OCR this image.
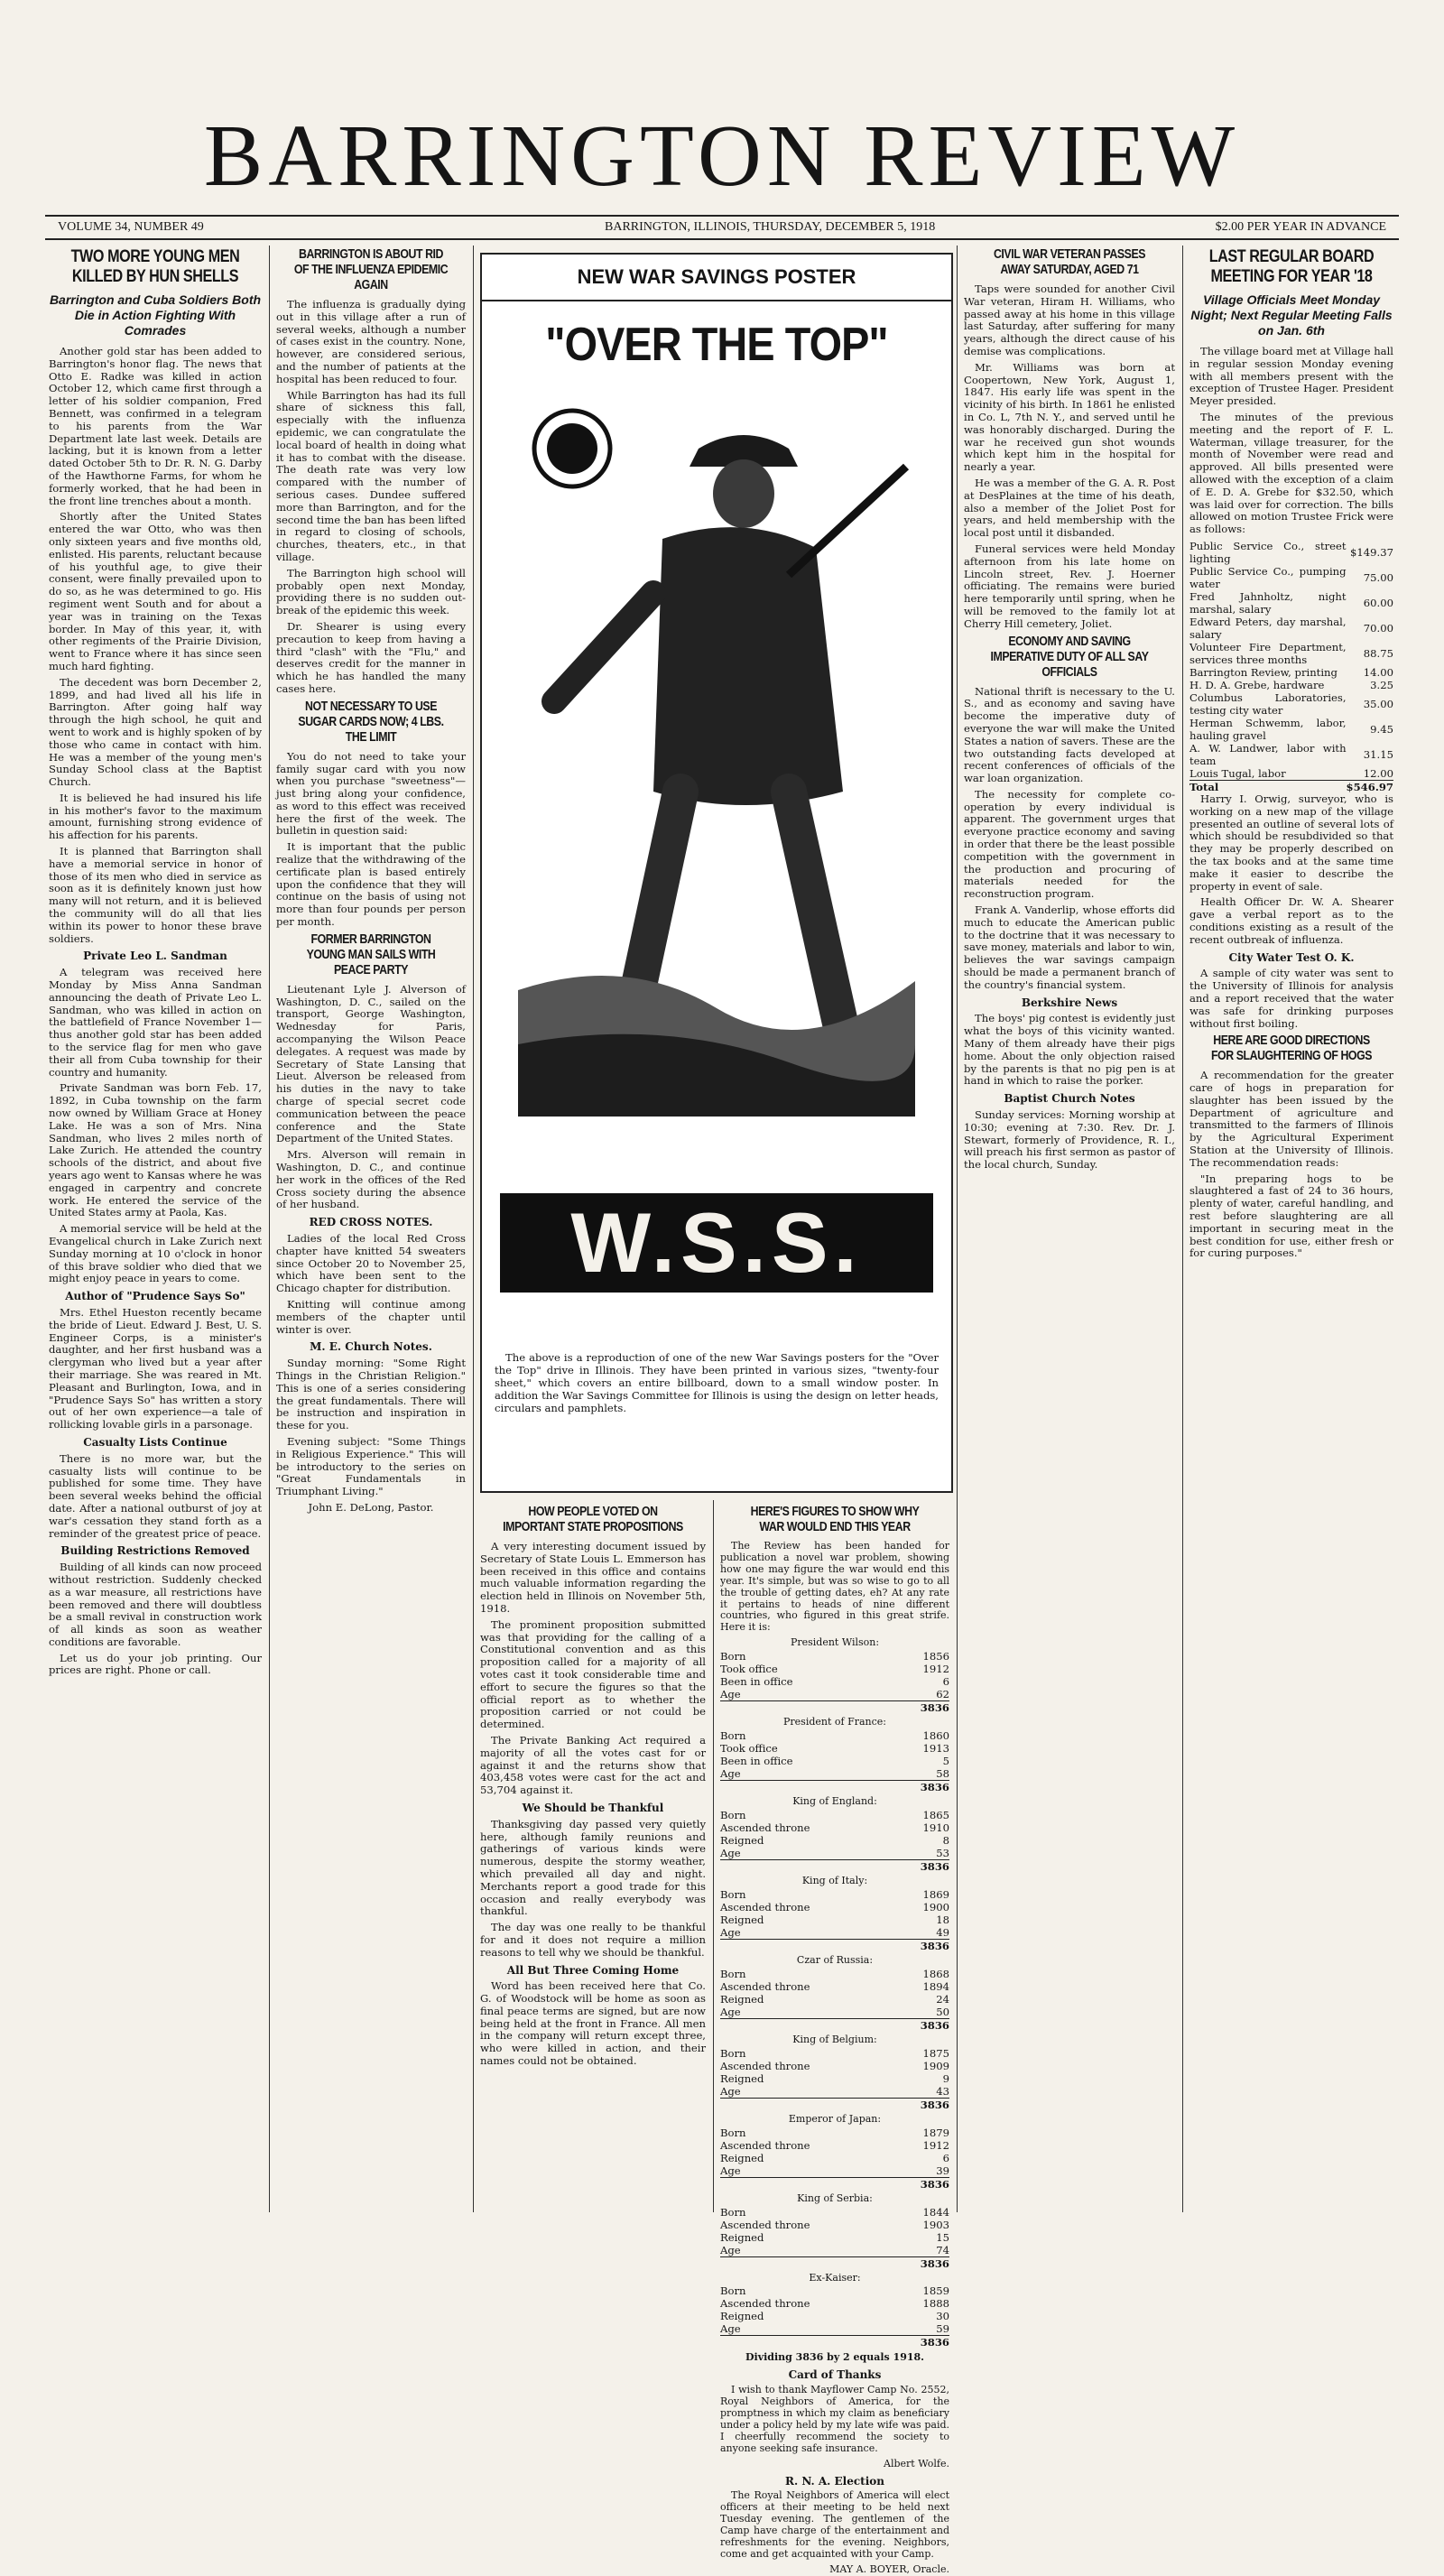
BARRINGTON REVIEW
VOLUME 34, NUMBER 49	BARRINGTON, ILLINOIS, THURSDAY, DECEMBER 5, 1918	$2.00 PER YEAR IN ADVANCE
TWO MORE YOUNG MEN KILLED BY HUN SHELLS
Barrington and Cuba Soldiers Both Die in Action Fighting With Comrades

Another gold star has been added to Barrington's honor flag. The news that Otto E. Radke was killed in action October 12, which came first through a letter of his soldier companion, Fred Bennett, was confirmed in a telegram to his parents from the War Department late last week. Details are lacking, but it is known from a letter dated October 5th to Dr. R. N. G. Darby of the Hawthorne Farms, for whom he formerly worked, that he had been in the front line trenches about a month.

Shortly after the United States entered the war Otto, who was then only sixteen years and five months old, enlisted. His parents, reluctant because of his youthful age, to give their consent, were finally prevailed upon to do so, as he was determined to go. His regiment went South and for about a year was in training on the Texas border. In May of this year, it, with other regiments of the Prairie Division, went to France where it has since seen much hard fighting.

The decedent was born December 2, 1899, and had lived all his life in Barrington. After going half way through the high school, he quit and went to work and is highly spoken of by those who came in contact with him. He was a member of the young men's Sunday School class at the Baptist Church.

It is believed he had insured his life in his mother's favor to the maximum amount, furnishing strong evidence of his affection for his parents.

It is planned that Barrington shall have a memorial service in honor of those of its men who died in service as soon as it is definitely known just how many will not return, and it is believed the community will do all that lies within its power to honor these brave soldiers.

Private Leo L. Sandman

A telegram was received here Monday by Miss Anna Sandman announcing the death of Private Leo L. Sandman, who was killed in action on the battlefield of France November 1—thus another gold star has been added to the service flag for men who gave their all from Cuba township for their country and humanity.

Private Sandman was born Feb. 17, 1892, in Cuba township on the farm now owned by William Grace at Honey Lake. He was a son of Mrs. Nina Sandman, who lives 2 miles north of Lake Zurich. He attended the country schools of the district, and about five years ago went to Kansas where he was engaged in carpentry and concrete work. He entered the service of the United States army at Paola, Kas.

A memorial service will be held at the Evangelical church in Lake Zurich next Sunday morning at 10 o'clock in honor of this brave soldier who died that we might enjoy peace in years to come.

Author of "Prudence Says So"

Mrs. Ethel Hueston recently became the bride of Lieut. Edward J. Best, U. S. Engineer Corps, is a minister's daughter, and her first husband was a clergyman who lived but a year after their marriage. She was reared in Mt. Pleasant and Burlington, Iowa, and in "Prudence Says So" has written a story out of her own experience—a tale of rollicking lovable girls in a parsonage.

Casualty Lists Continue

There is no more war, but the casualty lists will continue to be published for some time. They have been several weeks behind the official date. After a national outburst of joy at war's cessation they stand forth as a reminder of the greatest price of peace.

Building Restrictions Removed

Building of all kinds can now proceed without restriction. Suddenly checked as a war measure, all restrictions have been removed and there will doubtless be a small revival in construction work of all kinds as soon as weather conditions are favorable.

Let us do your job printing. Our prices are right. Phone or call.

BARRINGTON IS ABOUT RID OF THE INFLUENZA EPIDEMIC AGAIN

The influenza is gradually dying out in this village after a run of several weeks, although a number of cases exist in the country. None, however, are considered serious, and the number of patients at the hospital has been reduced to four.

While Barrington has had its full share of sickness this fall, especially with the influenza epidemic, we can congratulate the local board of health in doing what it has to combat with the disease. The death rate was very low compared with the number of serious cases. Dundee suffered more than Barrington, and for the second time the ban has been lifted in regard to closing of schools, churches, theaters, etc., in that village.

The Barrington high school will probably open next Monday, providing there is no sudden out-break of the epidemic this week.

Dr. Shearer is using every precaution to keep from having a third "clash" with the "Flu," and deserves credit for the manner in which he has handled the many cases here.

NOT NECESSARY TO USE SUGAR CARDS NOW; 4 LBS. THE LIMIT

You do not need to take your family sugar card with you now when you purchase "sweetness"—just bring along your confidence, as word to this effect was received here the first of the week. The bulletin in question said:

It is important that the public realize that the withdrawing of the certificate plan is based entirely upon the confidence that they will continue on the basis of using not more than four pounds per person per month.

FORMER BARRINGTON YOUNG MAN SAILS WITH PEACE PARTY

Lieutenant Lyle J. Alverson of Washington, D. C., sailed on the transport, George Washington, Wednesday for Paris, accompanying the Wilson Peace delegates. A request was made by Secretary of State Lansing that Lieut. Alverson be released from his duties in the navy to take charge of special secret code communication between the peace conference and the State Department of the United States.

Mrs. Alverson will remain in Washington, D. C., and continue her work in the offices of the Red Cross society during the absence of her husband.

RED CROSS NOTES.

Ladies of the local Red Cross chapter have knitted 54 sweaters since October 20 to November 25, which have been sent to the Chicago chapter for distribution.

Knitting will continue among members of the chapter until winter is over.

M. E. Church Notes.

Sunday morning: "Some Right Things in the Christian Religion." This is one of a series considering the great fundamentals. There will be instruction and inspiration in these for you.

Evening subject: "Some Things in Religious Experience." This will be introductory to the series on "Great Fundamentals in Triumphant Living."

John E. DeLong, Pastor.
NEW WAR SAVINGS POSTER
"OVER THE TOP"
W.S.S.
The above is a reproduction of one of the new War Savings posters for the "Over the Top" drive in Illinois. They have been printed in various sizes, "twenty-four sheet," which covers an entire billboard, down to a small window poster. In addition the War Savings Committee for Illinois is using the design on letter heads, circulars and pamphlets.
HOW PEOPLE VOTED ON IMPORTANT STATE PROPOSITIONS

A very interesting document issued by Secretary of State Louis L. Emmerson has been received in this office and contains much valuable information regarding the election held in Illinois on November 5th, 1918.

The prominent proposition submitted was that providing for the calling of a Constitutional convention and as this proposition called for a majority of all votes cast it took considerable time and effort to secure the figures so that the official report as to whether the proposition carried or not could be determined.

The Private Banking Act required a majority of all the votes cast for or against it and the returns show that 403,458 votes were cast for the act and 53,704 against it.

We Should be Thankful

Thanksgiving day passed very quietly here, although family reunions and gatherings of various kinds were numerous, despite the stormy weather, which prevailed all day and night. Merchants report a good trade for this occasion and really everybody was thankful.

The day was one really to be thankful for and it does not require a million reasons to tell why we should be thankful.

All But Three Coming Home

Word has been received here that Co. G. of Woodstock will be home as soon as final peace terms are signed, but are now being held at the front in France. All men in the company will return except three, who were killed in action, and their names could not be obtained.

HERE'S FIGURES TO SHOW WHY WAR WOULD END THIS YEAR

The Review has been handed for publication a novel war problem, showing how one may figure the war would end this year. It's simple, but was so wise to go to all the trouble of getting dates, eh? At any rate it pertains to heads of nine different countries, who figured in this great strife. Here it is:

President Wilson:
Born	1856
Took office	1912
Been in office	6
Age	62
	3836
President of France:
Born	1860
Took office	1913
Been in office	5
Age	58
	3836
King of England:
Born	1865
Ascended throne	1910
Reigned	8
Age	53
	3836
King of Italy:
Born	1869
Ascended throne	1900
Reigned	18
Age	49
	3836
Czar of Russia:
Born	1868
Ascended throne	1894
Reigned	24
Age	50
	3836
King of Belgium:
Born	1875
Ascended throne	1909
Reigned	9
Age	43
	3836
Emperor of Japan:
Born	1879
Ascended throne	1912
Reigned	6
Age	39
	3836
King of Serbia:
Born	1844
Ascended throne	1903
Reigned	15
Age	74
	3836
Ex-Kaiser:
Born	1859
Ascended throne	1888
Reigned	30
Age	59
	3836
Dividing 3836 by 2 equals 1918.
Card of Thanks

I wish to thank Mayflower Camp No. 2552, Royal Neighbors of America, for the promptness in which my claim as beneficiary under a policy held by my late wife was paid. I cheerfully recommend the society to anyone seeking safe insurance.

Albert Wolfe.
R. N. A. Election

The Royal Neighbors of America will elect officers at their meeting to be held next Tuesday evening. The gentlemen of the Camp have charge of the entertainment and refreshments for the evening. Neighbors, come and get acquainted with your Camp.

MAY A. BOYER, Oracle.
CIVIL WAR VETERAN PASSES AWAY SATURDAY, AGED 71

Taps were sounded for another Civil War veteran, Hiram H. Williams, who passed away at his home in this village last Saturday, after suffering for many years, although the direct cause of his demise was complications.

Mr. Williams was born at Coopertown, New York, August 1, 1847. His early life was spent in the vicinity of his birth. In 1861 he enlisted in Co. L, 7th N. Y., and served until he was honorably discharged. During the war he received gun shot wounds which kept him in the hospital for nearly a year.

He was a member of the G. A. R. Post at DesPlaines at the time of his death, also a member of the Joliet Post for years, and held membership with the local post until it disbanded.

Funeral services were held Monday afternoon from his late home on Lincoln street, Rev. J. Hoerner officiating. The remains were buried here temporarily until spring, when he will be removed to the family lot at Cherry Hill cemetery, Joliet.

ECONOMY AND SAVING IMPERATIVE DUTY OF ALL SAY OFFICIALS

National thrift is necessary to the U. S., and as economy and saving have become the imperative duty of everyone the war will make the United States a nation of savers. These are the two outstanding facts developed at recent conferences of officials of the war loan organization.

The necessity for complete co-operation by every individual is apparent. The government urges that everyone practice economy and saving in order that there be the least possible competition with the government in the production and procuring of materials needed for the reconstruction program.

Frank A. Vanderlip, whose efforts did much to educate the American public to the doctrine that it was necessary to save money, materials and labor to win, believes the war savings campaign should be made a permanent branch of the country's financial system.

Berkshire News

The boys' pig contest is evidently just what the boys of this vicinity wanted. Many of them already have their pigs home. About the only objection raised by the parents is that no pig pen is at hand in which to raise the porker.

Baptist Church Notes

Sunday services: Morning worship at 10:30; evening at 7:30. Rev. Dr. J. Stewart, formerly of Providence, R. I., will preach his first sermon as pastor of the local church, Sunday.

LAST REGULAR BOARD MEETING FOR YEAR '18
Village Officials Meet Monday Night; Next Regular Meeting Falls on Jan. 6th

The village board met at Village hall in regular session Monday evening with all members present with the exception of Trustee Hager. President Meyer presided.

The minutes of the previous meeting and the report of F. L. Waterman, village treasurer, for the month of November were read and approved. All bills presented were allowed with the exception of a claim of E. D. A. Grebe for $32.50, which was laid over for correction. The bills allowed on motion Trustee Frick were as follows:

Public Service Co., street lighting	$149.37
Public Service Co., pumping water	75.00
Fred Jahnholtz, night marshal, salary	60.00
Edward Peters, day marshal, salary	70.00
Volunteer Fire Department, services three months	88.75
Barrington Review, printing	14.00
H. D. A. Grebe, hardware	3.25
Columbus Laboratories, testing city water	35.00
Herman Schwemm, labor, hauling gravel	9.45
A. W. Landwer, labor with team	31.15
Louis Tugal, labor	12.00
Total	$546.97

Harry I. Orwig, surveyor, who is working on a new map of the village presented an outline of several lots of which should be resubdivided so that they may be properly described on the tax books and at the same time make it easier to describe the property in event of sale.

Health Officer Dr. W. A. Shearer gave a verbal report as to the conditions existing as a result of the recent outbreak of influenza.

City Water Test O. K.

A sample of city water was sent to the University of Illinois for analysis and a report received that the water was safe for drinking purposes without first boiling.

HERE ARE GOOD DIRECTIONS FOR SLAUGHTERING OF HOGS

A recommendation for the greater care of hogs in preparation for slaughter has been issued by the Department of agriculture and transmitted to the farmers of Illinois by the Agricultural Experiment Station at the University of Illinois. The recommendation reads:

"In preparing hogs to be slaughtered a fast of 24 to 36 hours, plenty of water, careful handling, and rest before slaughtering are all important in securing meat in the best condition for use, either fresh or for curing purposes."
